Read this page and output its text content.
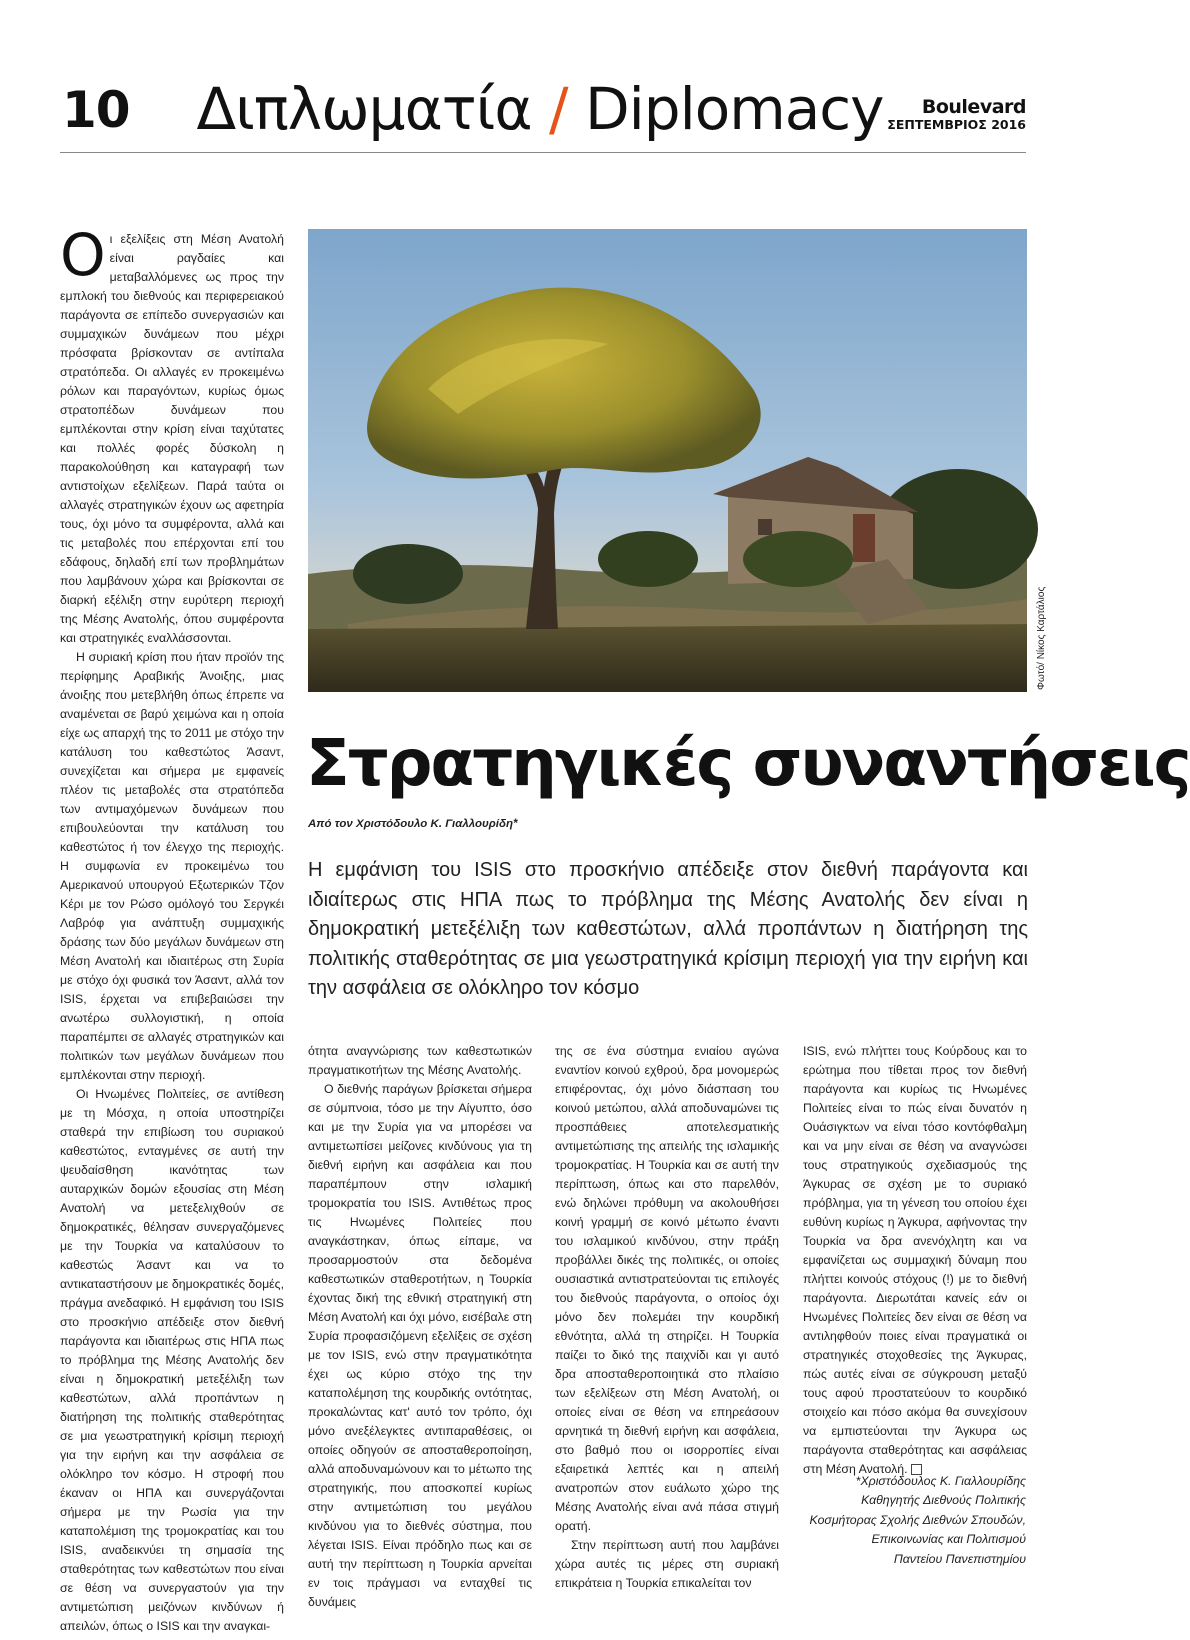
10	Διπλωματία / Diplomacy	Boulevard
ΣΕΠΤΕΜΒΡΙΟΣ 2016
Φωτό/ Νίκος Καρτάλιος
Στρατηγικές συναντήσεις
Από τον Χριστόδουλο Κ. Γιαλλουρίδη*

Η εμφάνιση του ISIS στο προσκήνιο απέδειξε στον διεθνή παράγοντα και ιδιαίτερως στις ΗΠΑ πως το πρόβλημα της Μέσης Ανατολής δεν είναι η δημοκρατική μετεξέλιξη των καθεστώτων, αλλά προπάντων η διατήρηση της πολιτικής σταθερότητας σε μια γεωστρατηγικά κρίσιμη περιοχή για την ειρήνη και την ασφάλεια σε ολόκληρο τον κόσμο

Οι εξελίξεις στη Μέση Ανατολή είναι ραγδαίες και μεταβαλλόμενες ως προς την εμπλοκή του διεθνούς και περιφερειακού παράγοντα σε επίπεδο συνεργασιών και συμμαχικών δυνάμεων που μέχρι πρόσφατα βρίσκονταν σε αντίπαλα στρατόπεδα. Οι αλλαγές εν προκειμένω ρόλων και παραγόντων, κυρίως όμως στρατοπέδων δυνάμεων που εμπλέκονται στην κρίση είναι ταχύτατες και πολλές φορές δύσκολη η παρακολούθηση και καταγραφή των αντιστοίχων εξελίξεων. Παρά ταύτα οι αλλαγές στρατηγικών έχουν ως αφετηρία τους, όχι μόνο τα συμφέροντα, αλλά και τις μεταβολές που επέρχονται επί του εδάφους, δηλαδή επί των προβλημάτων που λαμβάνουν χώρα και βρίσκονται σε διαρκή εξέλιξη στην ευρύτερη περιοχή της Μέσης Ανατολής, όπου συμφέροντα και στρατηγικές εναλλάσσονται.

Η συριακή κρίση που ήταν προϊόν της περίφημης Αραβικής Άνοιξης, μιας άνοιξης που μετεβλήθη όπως έπρεπε να αναμένεται σε βαρύ χειμώνα και η οποία είχε ως απαρχή της το 2011 με στόχο την κατάλυση του καθεστώτος Άσαντ, συνεχίζεται και σήμερα με εμφανείς πλέον τις μεταβολές στα στρατόπεδα των αντιμαχόμενων δυνάμεων που επιβουλεύονται την κατάλυση του καθεστώτος ή τον έλεγχο της περιοχής. Η συμφωνία εν προκειμένω του Αμερικανού υπουργού Εξωτερικών Τζον Κέρι με τον Ρώσο ομόλογό του Σεργκέι Λαβρόφ για ανάπτυξη συμμαχικής δράσης των δύο μεγάλων δυνάμεων στη Μέση Ανατολή και ιδιαιτέρως στη Συρία με στόχο όχι φυσικά τον Άσαντ, αλλά τον ISIS, έρχεται να επιβεβαιώσει την ανωτέρω συλλογιστική, η οποία παραπέμπει σε αλλαγές στρατηγικών και πολιτικών των μεγάλων δυνάμεων που εμπλέκονται στην περιοχή.

Οι Ηνωμένες Πολιτείες, σε αντίθεση με τη Μόσχα, η οποία υποστηρίζει σταθερά την επιβίωση του συριακού καθεστώτος, ενταγμένες σε αυτή την ψευδαίσθηση ικανότητας των αυταρχικών δομών εξουσίας στη Μέση Ανατολή να μετεξελιχθούν σε δημοκρατικές, θέλησαν συνεργαζόμενες με την Τουρκία να καταλύσουν το καθεστώς Άσαντ και να το αντικαταστήσουν με δημοκρατικές δομές, πράγμα ανεδαφικό. Η εμφάνιση του ISIS στο προσκήνιο απέδειξε στον διεθνή παράγοντα και ιδιαιτέρως στις ΗΠΑ πως το πρόβλημα της Μέσης Ανατολής δεν είναι η δημοκρατική μετεξέλιξη των καθεστώτων, αλλά προπάντων η διατήρηση της πολιτικής σταθερότητας σε μια γεωστρατηγική κρίσιμη περιοχή για την ειρήνη και την ασφάλεια σε ολόκληρο τον κόσμο. Η στροφή που έκαναν οι ΗΠΑ και συνεργάζονται σήμερα με την Ρωσία για την καταπολέμιση της τρομοκρατίας και του ISIS, αναδεικνύει τη σημασία της σταθερότητας των καθεστώτων που είναι σε θέση να συνεργαστούν για την αντιμετώπιση μειζόνων κινδύνων ή απειλών, όπως ο ISIS και την αναγκαι-

ότητα αναγνώρισης των καθεστωτικών πραγματικοτήτων της Μέσης Ανατολής.

Ο διεθνής παράγων βρίσκεται σήμερα σε σύμπνοια, τόσο με την Αίγυπτο, όσο και με την Συρία για να μπορέσει να αντιμετωπίσει μείζονες κινδύνους για τη διεθνή ειρήνη και ασφάλεια και που παραπέμπουν στην ισλαμική τρομοκρατία του ISIS. Αντιθέτως προς τις Ηνωμένες Πολιτείες που αναγκάστηκαν, όπως είπαμε, να προσαρμοστούν στα δεδομένα καθεστωτικών σταθεροτήτων, η Τουρκία έχοντας δική της εθνική στρατηγική στη Μέση Ανατολή και όχι μόνο, εισέβαλε στη Συρία προφασιζόμενη εξελίξεις σε σχέση με τον ISIS, ενώ στην πραγματικότητα έχει ως κύριο στόχο της την καταπολέμηση της κουρδικής οντότητας, προκαλώντας κατ' αυτό τον τρόπο, όχι μόνο ανεξέλεγκτες αντιπαραθέσεις, οι οποίες οδηγούν σε αποσταθεροποίηση, αλλά αποδυναμώνουν και το μέτωπο της στρατηγικής, που αποσκοπεί κυρίως στην αντιμετώπιση του μεγάλου κινδύνου για το διεθνές σύστημα, που λέγεται ISIS. Είναι πρόδηλο πως και σε αυτή την περίπτωση η Τουρκία αρνείται εν τοις πράγμασι να ενταχθεί τις δυνάμεις

της σε ένα σύστημα ενιαίου αγώνα εναντίον κοινού εχθρού, δρα μονομερώς επιφέροντας, όχι μόνο διάσπαση του κοινού μετώπου, αλλά αποδυναμώνει τις προσπάθειες αποτελεσματικής αντιμετώπισης της απειλής της ισλαμικής τρομοκρατίας. Η Τουρκία και σε αυτή την περίπτωση, όπως και στο παρελθόν, ενώ δηλώνει πρόθυμη να ακολουθήσει κοινή γραμμή σε κοινό μέτωπο έναντι του ισλαμικού κινδύνου, στην πράξη προβάλλει δικές της πολιτικές, οι οποίες ουσιαστικά αντιστρατεύονται τις επιλογές του διεθνούς παράγοντα, ο οποίος όχι μόνο δεν πολεμάει την κουρδική εθνότητα, αλλά τη στηρίζει. Η Τουρκία παίζει το δικό της παιχνίδι και γι αυτό δρα αποσταθεροποιητικά στο πλαίσιο των εξελίξεων στη Μέση Ανατολή, οι οποίες είναι σε θέση να επηρεάσουν αρνητικά τη διεθνή ειρήνη και ασφάλεια, στο βαθμό που οι ισορροπίες είναι εξαιρετικά λεπτές και η απειλή ανατροπών στον ευάλωτο χώρο της Μέσης Ανατολής είναι ανά πάσα στιγμή ορατή.

Στην περίπτωση αυτή που λαμβάνει χώρα αυτές τις μέρες στη συριακή επικράτεια η Τουρκία επικαλείται τον

ISIS, ενώ πλήττει τους Κούρδους και το ερώτημα που τίθεται προς τον διεθνή παράγοντα και κυρίως τις Ηνωμένες Πολιτείες είναι το πώς είναι δυνατόν η Ουάσιγκτων να είναι τόσο κοντόφθαλμη και να μην είναι σε θέση να αναγνώσει τους στρατηγικούς σχεδιασμούς της Άγκυρας σε σχέση με το συριακό πρόβλημα, για τη γένεση του οποίου έχει ευθύνη κυρίως η Άγκυρα, αφήνοντας την Τουρκία να δρα ανενόχλητη και να εμφανίζεται ως συμμαχική δύναμη που πλήττει κοινούς στόχους (!) με το διεθνή παράγοντα. Διερωτάται κανείς εάν οι Ηνωμένες Πολιτείες δεν είναι σε θέση να αντιληφθούν ποιες είναι πραγματικά οι στρατηγικές στοχοθεσίες της Άγκυρας, πώς αυτές είναι σε σύγκρουση μεταξύ τους αφού προστατεύουν το κουρδικό στοιχείο και πόσο ακόμα θα συνεχίσουν να εμπιστεύονται την Άγκυρα ως παράγοντα σταθερότητας και ασφάλειας στη Μέση Ανατολή.

*Χριστόδουλος Κ. Γιαλλουρίδης
Καθηγητής Διεθνούς Πολιτικής
Κοσμήτορας Σχολής Διεθνών Σπουδών,
Επικοινωνίας και Πολιτισμού
Παντείου Πανεπιστημίου
